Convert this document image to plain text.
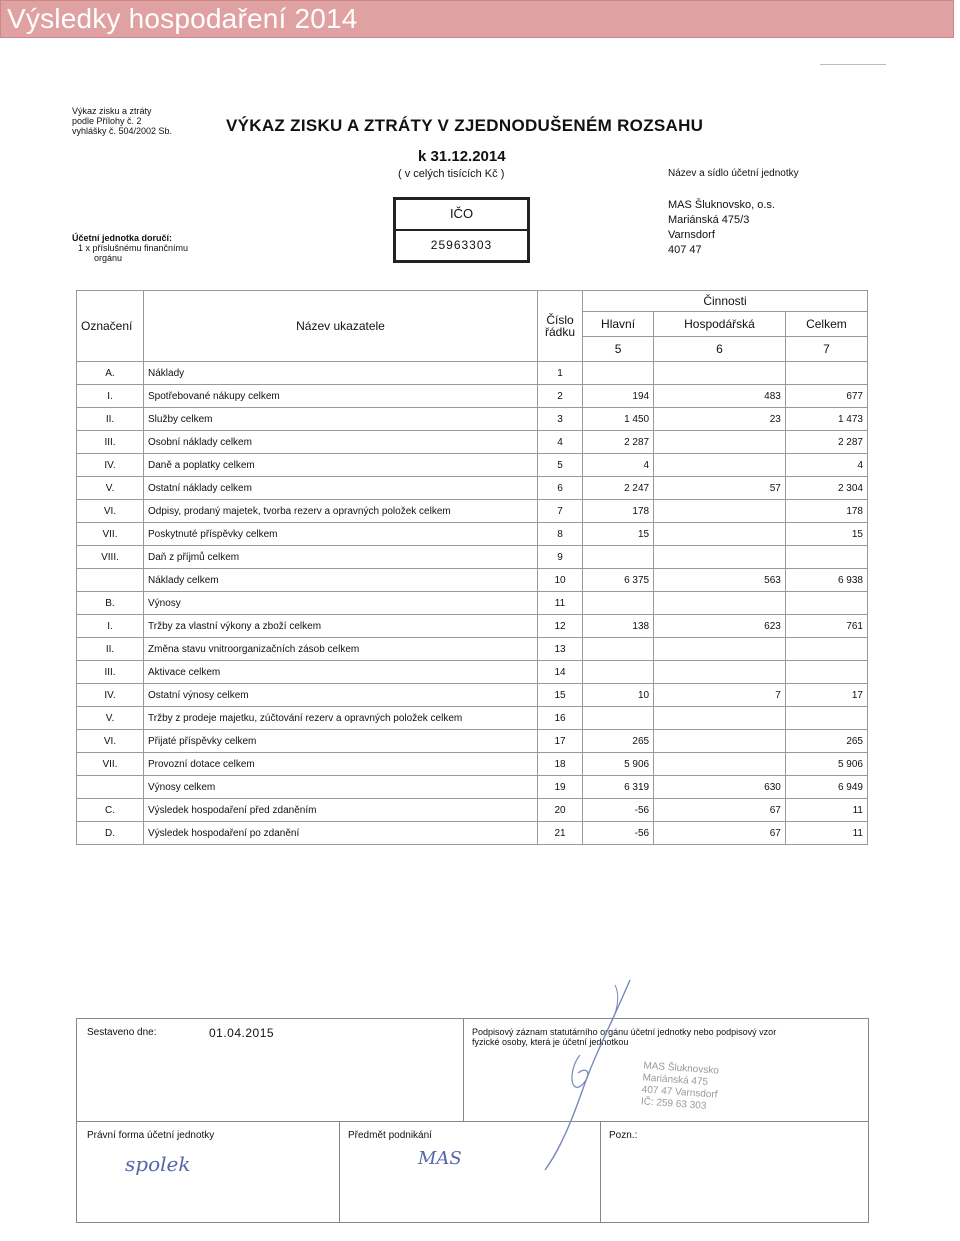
Výsledky hospodaření 2014
Výkaz zisku a ztráty
podle Přílohy č. 2
vyhlášky č. 504/2002 Sb.	VÝKAZ ZISKU A ZTRÁTY V ZJEDNODUŠENÉM ROZSAHU
k 31.12.2014
( v celých tisících Kč )
IČO
25963303
Účetní jednotka doručí:
1 x příslušnému finančnímu
orgánu
Název a sídlo účetní jednotky
MAS Šluknovsko, o.s.
Mariánská 475/3
Varnsdorf
407 47
Označení	Název ukazatele	Číslo řádku	Činnosti		
			Hlavní	Hospodářská	Celkem
			5	6	7
A.	Náklady	1			
I.	Spotřebované nákupy celkem	2	194	483	677
II.	Služby celkem	3	1 450	23	1 473
III.	Osobní náklady celkem	4	2 287		2 287
IV.	Daně a poplatky celkem	5	4		4
V.	Ostatní náklady celkem	6	2 247	57	2 304
VI.	Odpisy, prodaný majetek, tvorba rezerv a opravných položek celkem	7	178		178
VII.	Poskytnuté příspěvky celkem	8	15		15
VIII.	Daň z příjmů celkem	9			
	Náklady celkem	10	6 375	563	6 938
B.	Výnosy	11			
I.	Tržby za vlastní výkony a zboží celkem	12	138	623	761
II.	Změna stavu vnitroorganizačních zásob celkem	13			
III.	Aktivace celkem	14			
IV.	Ostatní výnosy celkem	15	10	7	17
V.	Tržby z prodeje majetku, zúčtování rezerv a opravných položek celkem	16			
VI.	Přijaté příspěvky celkem	17	265		265
VII.	Provozní dotace celkem	18	5 906		5 906
	Výnosy celkem	19	6 319	630	6 949
C.	Výsledek hospodaření před zdaněním	20	-56	67	11
D.	Výsledek hospodaření po zdanění	21	-56	67	11
Sestaveno dne:	01.04.2015	Podpisový záznam statutárního orgánu účetní jednotky nebo podpisový vzor fyzické osoby, která je účetní jednotkou
MAS Šluknovsko
Mariánská 475
407 47 Varnsdorf
IČ: 259 63 303
Právní forma účetní jednotky
spolek
Předmět podnikání
MAS
Pozn.:
